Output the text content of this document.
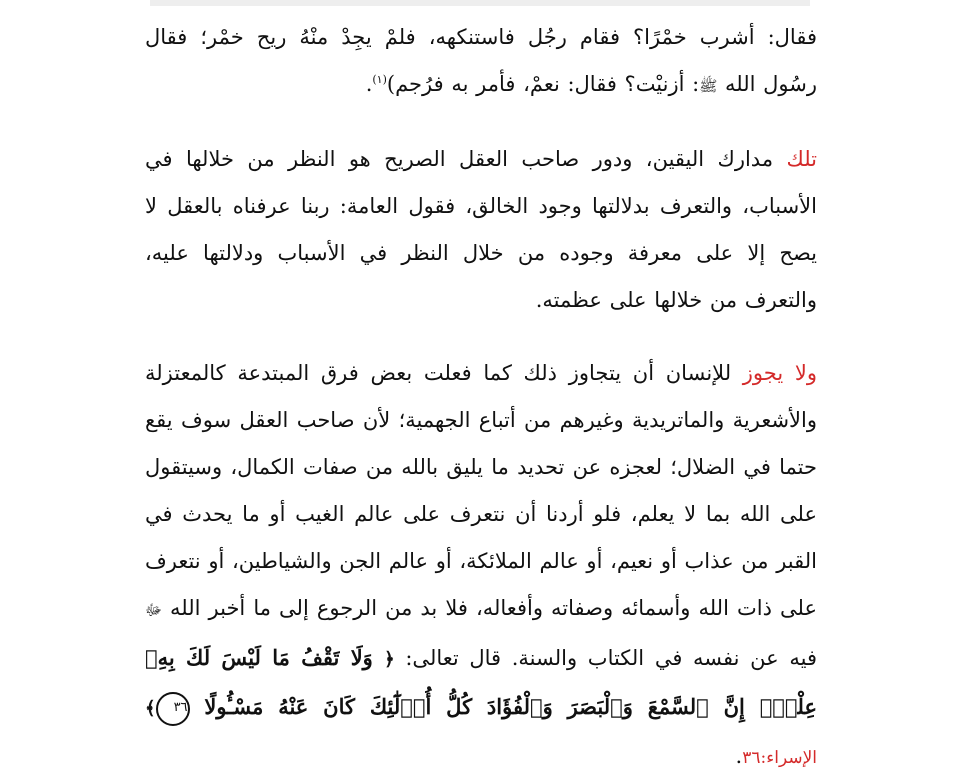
فقال: أشرب خمْرًا؟ فقام رجُل فاستنكهه، فلمْ يجِدْ منْهُ ريح خمْر؛ فقال رسُول الله ﷺ: أزنيْت؟ فقال: نعمْ، فأمر به فرُجم)$^{(١)}$.

تلك مدارك اليقين، ودور صاحب العقل الصريح هو النظر من خلالها في الأسباب، والتعرف بدلالتها وجود الخالق، فقول العامة: ربنا عرفناه بالعقل لا يصح إلا على معرفة وجوده من خلال النظر في الأسباب ودلالتها عليه، والتعرف من خلالها على عظمته.

ولا يجوز للإنسان أن يتجاوز ذلك كما فعلت بعض فرق المبتدعة كالمعتزلة والأشعرية والماتريدية وغيرهم من أتباع الجهمية؛ لأن صاحب العقل سوف يقع حتما في الضلال؛ لعجزه عن تحديد ما يليق بالله من صفات الكمال، وسيتقول على الله بما لا يعلم، فلو أردنا أن نتعرف على عالم الغيب أو ما يحدث في القبر من عذاب أو نعيم، أو عالم الملائكة، أو عالم الجن والشياطين، أو نتعرف على ذات الله وأسمائه وصفاته وأفعاله، فلا بد من الرجوع إلى ما أخبر الله ﷻ فيه عن نفسه في الكتاب والسنة. قال تعالى: ﴿ وَلَا تَقْفُ مَا لَيْسَ لَكَ بِهِۦ عِلْمٌۚ إِنَّ ٱلسَّمْعَ وَٱلْبَصَرَ وَٱلْفُؤَادَ كُلُّ أُو۟لَٰٓئِكَ كَانَ عَنْهُ مَسْـُٔولًا ٣٦﴾ الإسراء:٣٦.
